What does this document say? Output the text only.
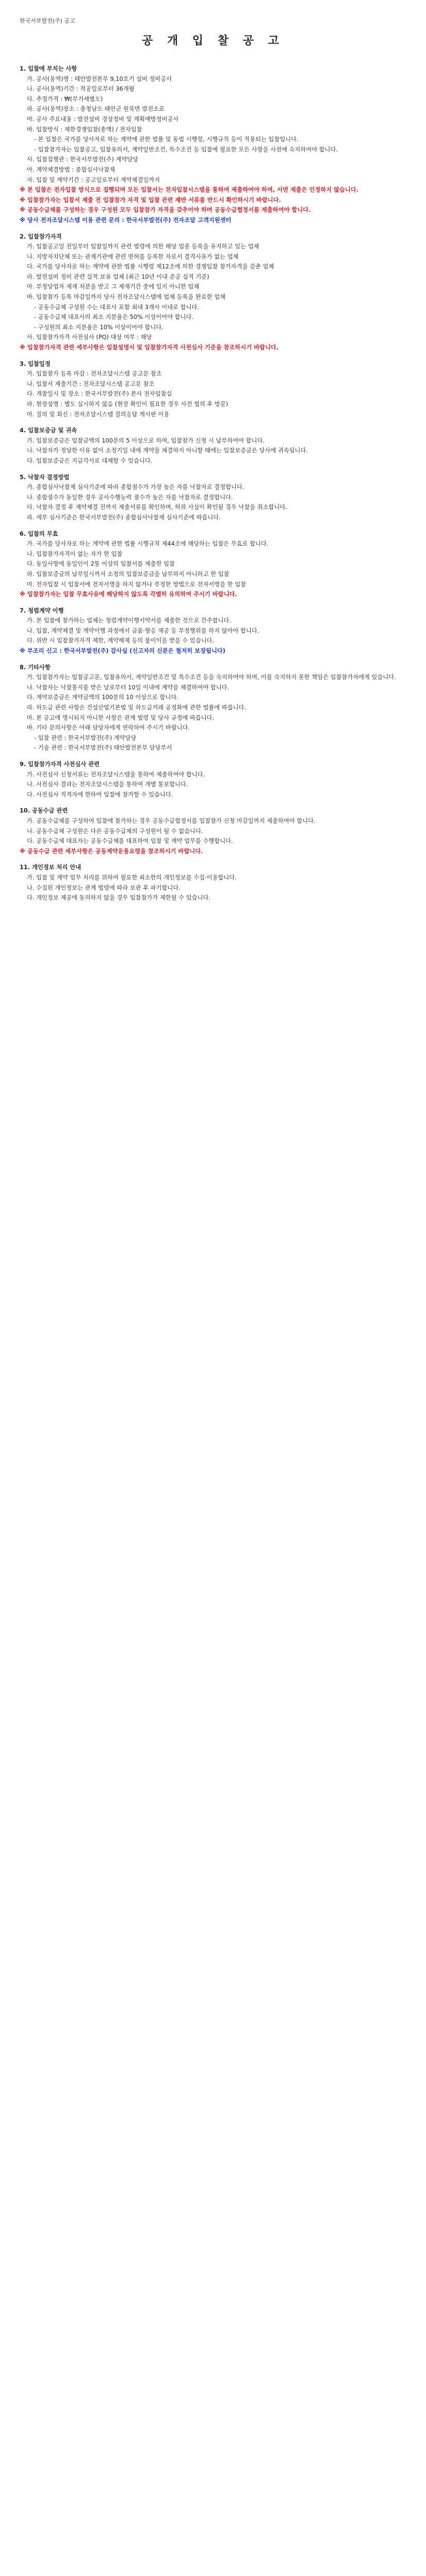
한국서부발전(주) 공고
공 개 입 찰 공 고

1. 입찰에 부치는 사항

가. 공사(용역)명 : 태안발전본부 9,10호기 설비 정비공사

나. 공사(용역)기간 : 착공일로부터 36개월

다. 추정가격 : ₩(부가세별도)

라. 공사(용역)장소 : 충청남도 태안군 원북면 발전소로

마. 공사 주요내용 : 발전설비 경상정비 및 계획예방정비공사

바. 입찰방식 : 제한경쟁입찰(총액) / 전자입찰

- 본 입찰은 국가를 당사자로 하는 계약에 관한 법률 및 동법 시행령, 시행규칙 등이 적용되는 입찰입니다.

- 입찰참가자는 입찰공고, 입찰유의서, 계약일반조건, 특수조건 등 입찰에 필요한 모든 사항을 사전에 숙지하여야 합니다.

사. 입찰집행관 : 한국서부발전(주) 계약담당

아. 계약체결방법 : 종합심사낙찰제

자. 입찰 및 계약기간 : 공고일로부터 계약체결일까지

※ 본 입찰은 전자입찰 방식으로 집행되며 모든 입찰서는 전자입찰시스템을 통하여 제출하여야 하며, 서면 제출은 인정하지 않습니다.

※ 입찰참가자는 입찰서 제출 전 입찰참가 자격 및 입찰 관련 제반 서류를 반드시 확인하시기 바랍니다.

※ 공동수급체를 구성하는 경우 구성원 모두 입찰참가 자격을 갖추어야 하며 공동수급협정서를 제출하여야 합니다.

※ 당사 전자조달시스템 이용 관련 문의 : 한국서부발전(주) 전자조달 고객지원센터

2. 입찰참가자격

가. 입찰공고일 전일부터 입찰일까지 관련 법령에 의한 해당 업종 등록을 유지하고 있는 업체

나. 지방자치단체 또는 관계기관에 관련 면허를 등록한 자로서 결격사유가 없는 업체

다. 국가를 당사자로 하는 계약에 관한 법률 시행령 제12조에 의한 경쟁입찰 참가자격을 갖춘 업체

라. 발전설비 정비 관련 실적 보유 업체 (최근 10년 이내 준공 실적 기준)

마. 부정당업자 제재 처분을 받고 그 제재기간 중에 있지 아니한 업체

바. 입찰참가 등록 마감일까지 당사 전자조달시스템에 업체 등록을 완료한 업체

- 공동수급체 구성원 수는 대표사 포함 최대 3개사 이내로 합니다.

- 공동수급체 대표사의 최소 지분율은 50% 이상이어야 합니다.

- 구성원의 최소 지분율은 10% 이상이어야 합니다.

사. 입찰참가자격 사전심사 (PQ) 대상 여부 : 해당

※ 입찰참가자격 관련 세부사항은 입찰설명서 및 입찰참가자격 사전심사 기준을 참조하시기 바랍니다.

3. 입찰일정

가. 입찰참가 등록 마감 : 전자조달시스템 공고문 참조

나. 입찰서 제출기간 : 전자조달시스템 공고문 참조

다. 개찰일시 및 장소 : 한국서부발전(주) 본사 전자입찰실

라. 현장설명 : 별도 실시하지 않음 (현장 확인이 필요한 경우 사전 협의 후 방문)

마. 질의 및 회신 : 전자조달시스템 질의응답 게시판 이용

4. 입찰보증금 및 귀속

가. 입찰보증금은 입찰금액의 100분의 5 이상으로 하며, 입찰참가 신청 시 납부하여야 합니다.

나. 낙찰자가 정당한 이유 없이 소정기일 내에 계약을 체결하지 아니할 때에는 입찰보증금은 당사에 귀속됩니다.

다. 입찰보증금은 지급각서로 대체할 수 있습니다.

5. 낙찰자 결정방법

가. 종합심사낙찰제 심사기준에 따라 종합점수가 가장 높은 자를 낙찰자로 결정합니다.

나. 종합점수가 동일한 경우 공사수행능력 점수가 높은 자를 낙찰자로 결정합니다.

다. 낙찰자 결정 후 계약체결 전까지 제출서류를 확인하며, 허위 사실이 확인될 경우 낙찰을 취소합니다.

라. 세부 심사기준은 한국서부발전(주) 종합심사낙찰제 심사기준에 따릅니다.

6. 입찰의 무효

가. 국가를 당사자로 하는 계약에 관한 법률 시행규칙 제44조에 해당하는 입찰은 무효로 합니다.

나. 입찰참가자격이 없는 자가 한 입찰

다. 동일사항에 동일인이 2통 이상의 입찰서를 제출한 입찰

라. 입찰보증금의 납부일시까지 소정의 입찰보증금을 납부하지 아니하고 한 입찰

마. 전자입찰 시 입찰서에 전자서명을 하지 않거나 부정한 방법으로 전자서명을 한 입찰

※ 입찰참가자는 입찰 무효사유에 해당하지 않도록 각별히 유의하여 주시기 바랍니다.

7. 청렴계약 이행

가. 본 입찰에 참가하는 업체는 청렴계약이행서약서를 제출한 것으로 간주합니다.

나. 입찰, 계약체결 및 계약이행 과정에서 금품·향응 제공 등 부정행위를 하지 않아야 합니다.

다. 위반 시 입찰참가자격 제한, 계약해제 등의 불이익을 받을 수 있습니다.

※ 부조리 신고 : 한국서부발전(주) 감사실 (신고자의 신분은 철저히 보장됩니다)

8. 기타사항

가. 입찰참가자는 입찰공고문, 입찰유의서, 계약일반조건 및 특수조건 등을 숙지하여야 하며, 이를 숙지하지 못한 책임은 입찰참가자에게 있습니다.

나. 낙찰자는 낙찰통지를 받은 날로부터 10일 이내에 계약을 체결하여야 합니다.

다. 계약보증금은 계약금액의 100분의 10 이상으로 합니다.

라. 하도급 관련 사항은 건설산업기본법 및 하도급거래 공정화에 관한 법률에 따릅니다.

마. 본 공고에 명시되지 아니한 사항은 관계 법령 및 당사 규정에 따릅니다.

바. 기타 문의사항은 아래 담당자에게 연락하여 주시기 바랍니다.

- 입찰 관련 : 한국서부발전(주) 계약담당

- 기술 관련 : 한국서부발전(주) 태안발전본부 담당부서

9. 입찰참가자격 사전심사 관련

가. 사전심사 신청서류는 전자조달시스템을 통하여 제출하여야 합니다.

나. 사전심사 결과는 전자조달시스템을 통하여 개별 통보합니다.

다. 사전심사 적격자에 한하여 입찰에 참가할 수 있습니다.

10. 공동수급 관련

가. 공동수급체를 구성하여 입찰에 참가하는 경우 공동수급협정서를 입찰참가 신청 마감일까지 제출하여야 합니다.

나. 공동수급체 구성원은 다른 공동수급체의 구성원이 될 수 없습니다.

다. 공동수급체 대표자는 공동수급체를 대표하여 입찰 및 계약 업무를 수행합니다.

※ 공동수급 관련 세부사항은 공동계약운용요령을 참조하시기 바랍니다.

11. 개인정보 처리 안내

가. 입찰 및 계약 업무 처리를 위하여 필요한 최소한의 개인정보를 수집·이용합니다.

나. 수집된 개인정보는 관계 법령에 따라 보관 후 파기합니다.

다. 개인정보 제공에 동의하지 않을 경우 입찰참가가 제한될 수 있습니다.
